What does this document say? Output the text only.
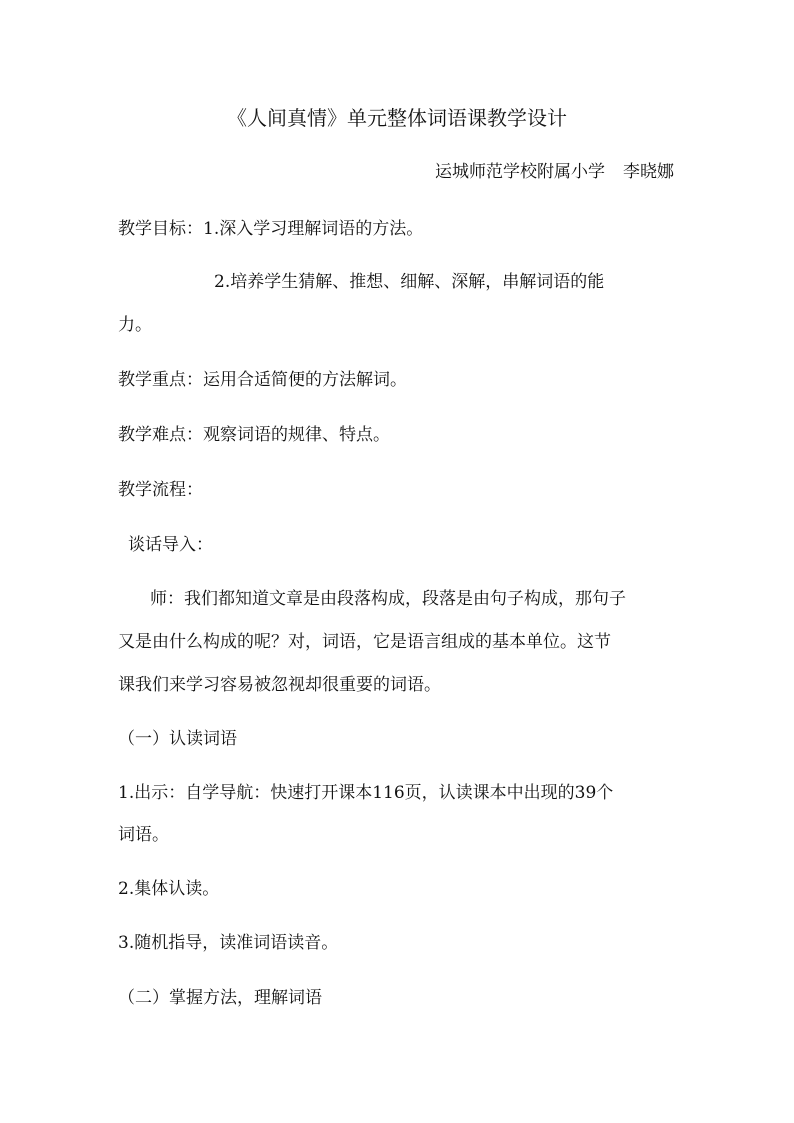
《人间真情》单元整体词语课教学设计

运城师范学校附属小学 李晓娜

教学目标：1.深入学习理解词语的方法。

2.培养学生猜解、推想、细解、深解，串解词语的能

力。

教学重点：运用合适简便的方法解词。

教学难点：观察词语的规律、特点。

教学流程：

谈话导入：

师：我们都知道文章是由段落构成，段落是由句子构成，那句子

又是由什么构成的呢？对，词语，它是语言组成的基本单位。这节

课我们来学习容易被忽视却很重要的词语。

（一）认读词语

1.出示：自学导航：快速打开课本116页，认读课本中出现的39个

词语。

2.集体认读。

3.随机指导，读准词语读音。

（二）掌握方法，理解词语
